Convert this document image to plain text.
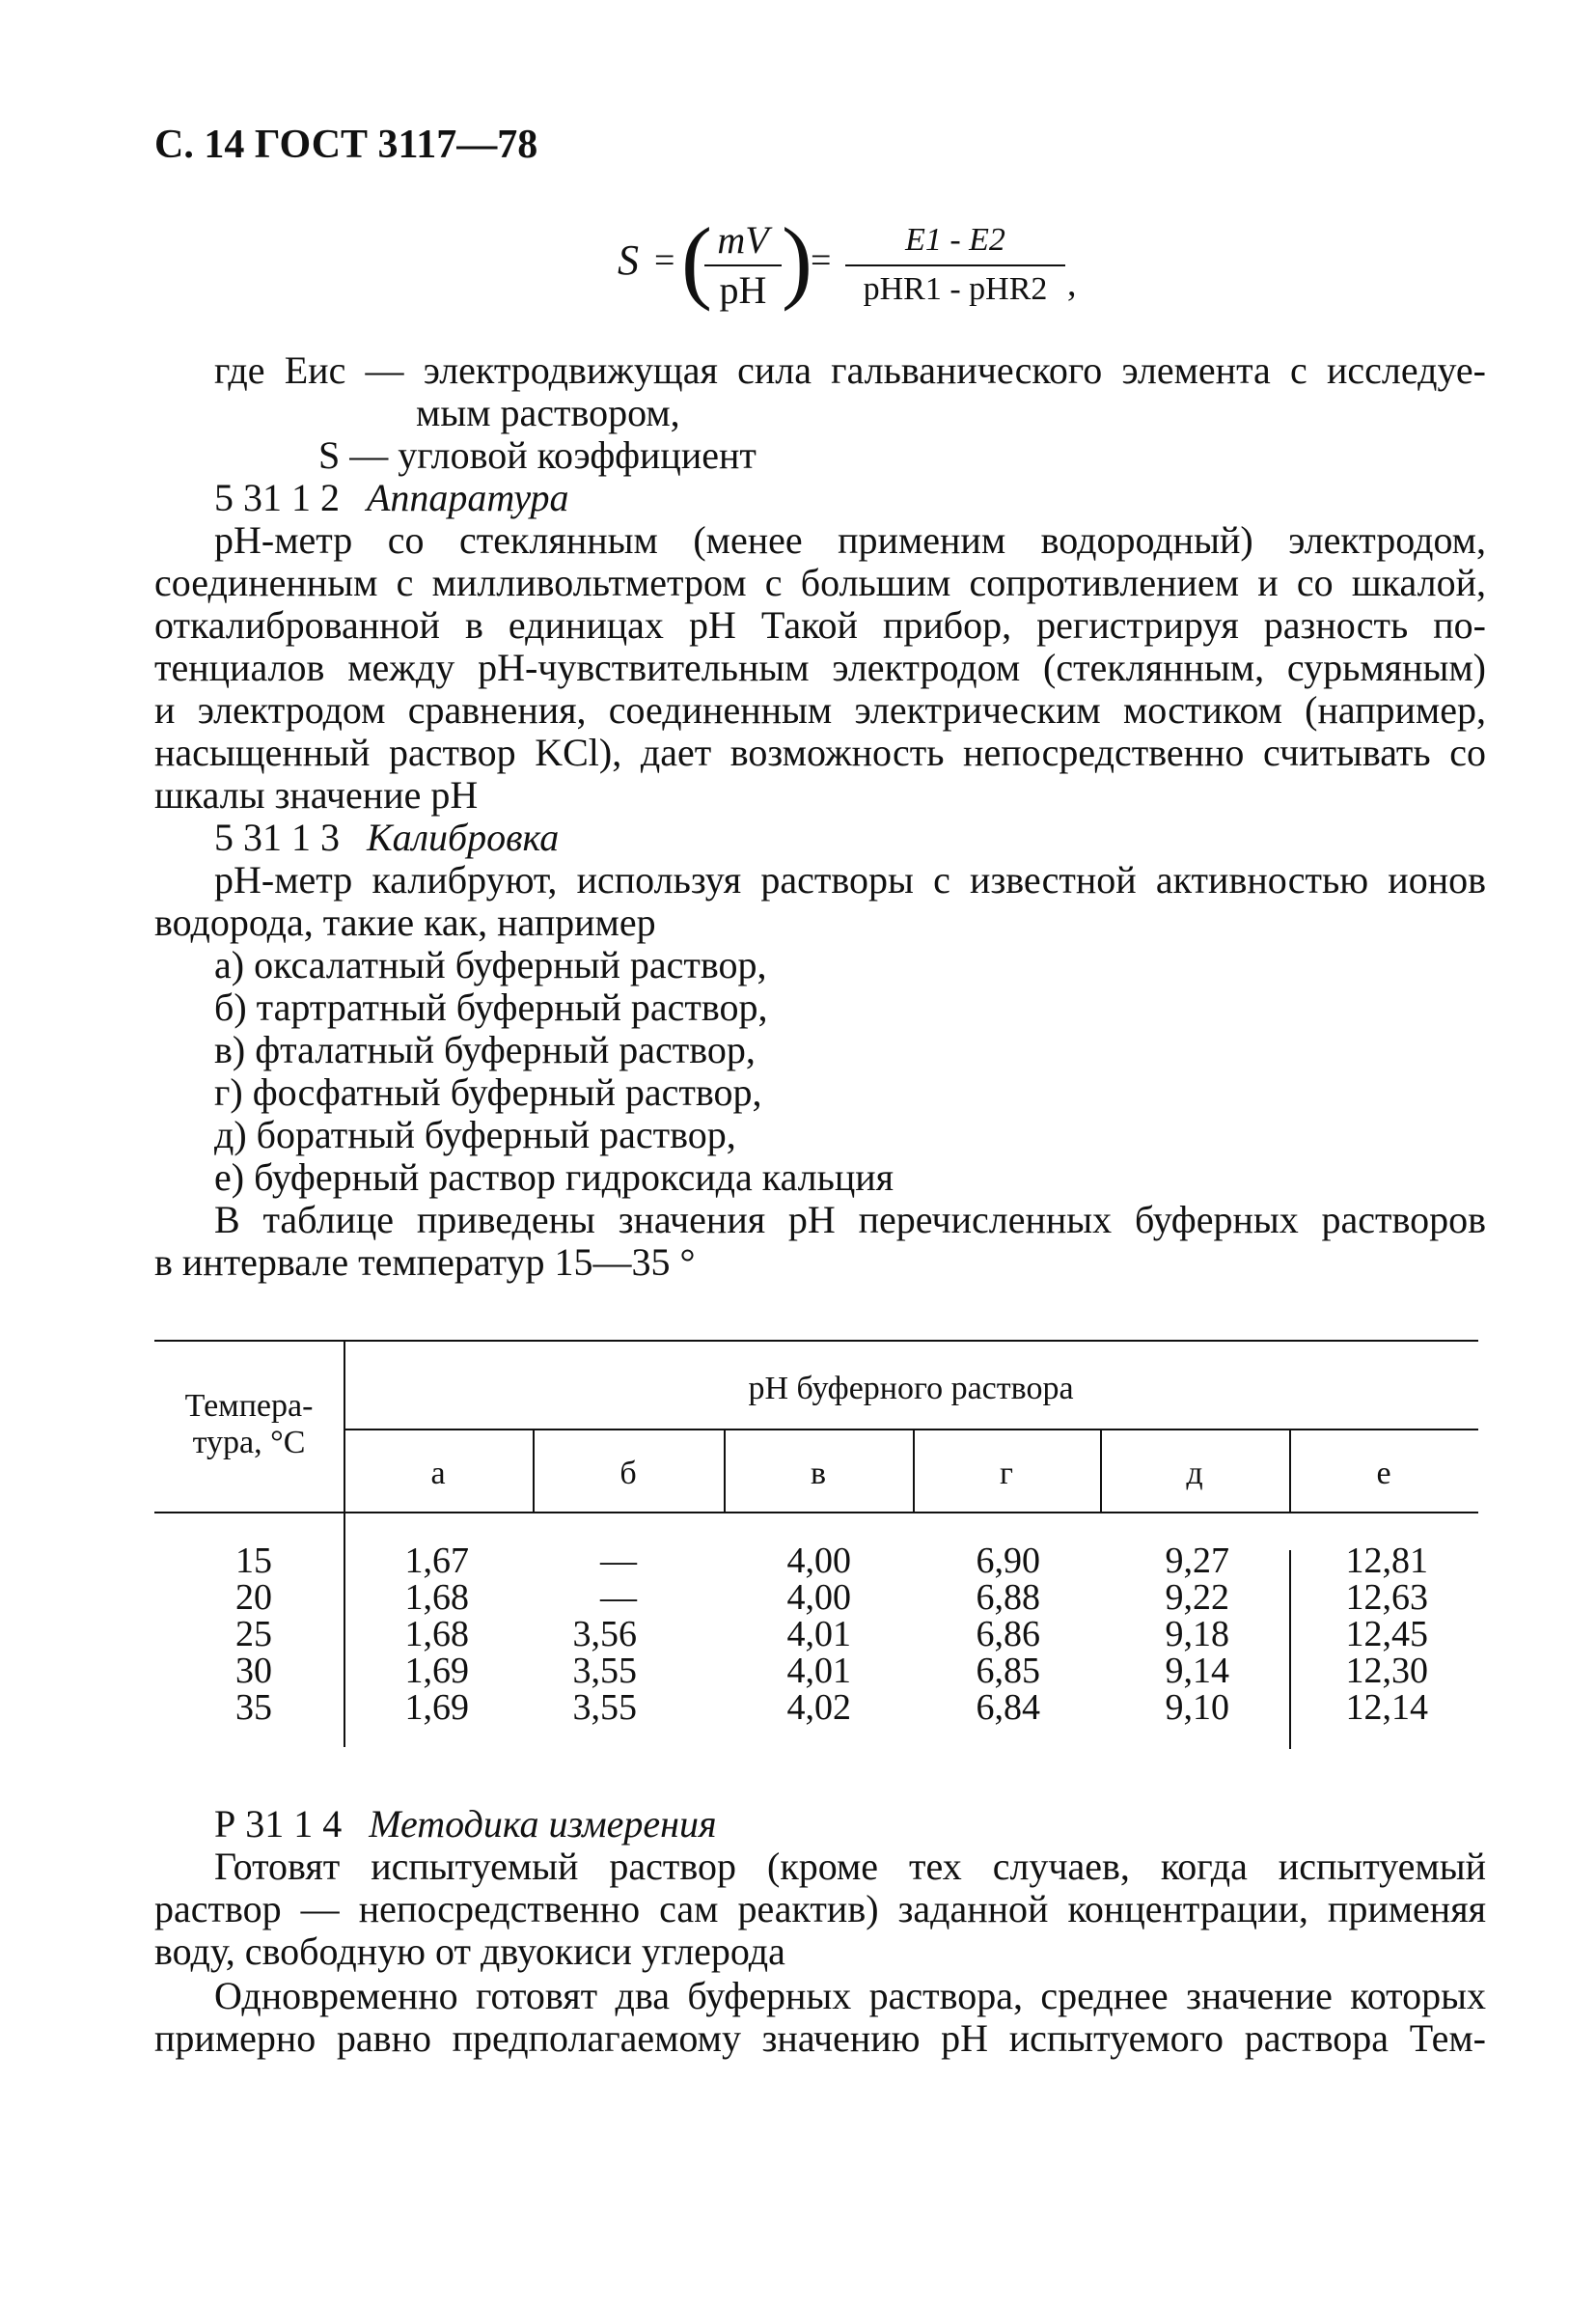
С. 14 ГОСТ 3117—78
S = ( mV
pH )
=
E1 - E2
pHR1 - pHR2 ,
где Eис — электродвижущая сила гальванического элемента с исследуе-
мым раствором,
S — угловой коэффициент
5 31 1 2 Аппаратура
pH-метр со стеклянным (менее применим водородный) электродом,
соединенным с милливольтметром с большим сопротивлением и со шкалой,
откалиброванной в единицах pH Такой прибор, регистрируя разность по-
тенциалов между pH-чувствительным электродом (стеклянным, сурьмяным)
и электродом сравнения, соединенным электрическим мостиком (например,
насыщенный раствор KCl), дает возможность непосредственно считывать со
шкалы значение pH
5 31 1 3 Калибровка
pH-метр калибруют, используя растворы с известной активностью ионов
водорода, такие как, например
а) оксалатный буферный раствор,
б) тартратный буферный раствор,
в) фталатный буферный раствор,
г) фосфатный буферный раствор,
д) боратный буферный раствор,
е) буферный раствор гидроксида кальция
В таблице приведены значения pH перечисленных буферных растворов
в интервале температур 15—35 °
Темпера-
тура, °С
pH буферного раствора
а	б	в	г	д	е
15	1,67	—	4,00	6,90	9,27	12,81
20	1,68	—	4,00	6,88	9,22	12,63
25	1,68	3,56	4,01	6,86	9,18	12,45
30	1,69	3,55	4,01	6,85	9,14	12,30
35	1,69	3,55	4,02	6,84	9,10	12,14
Р 31 1 4 Методика измерения
Готовят испытуемый раствор (кроме тех случаев, когда испытуемый
раствор — непосредственно сам реактив) заданной концентрации, применяя
воду, свободную от двуокиси углерода
Одновременно готовят два буферных раствора, среднее значение которых
примерно равно предполагаемому значению pH испытуемого раствора Тем-
